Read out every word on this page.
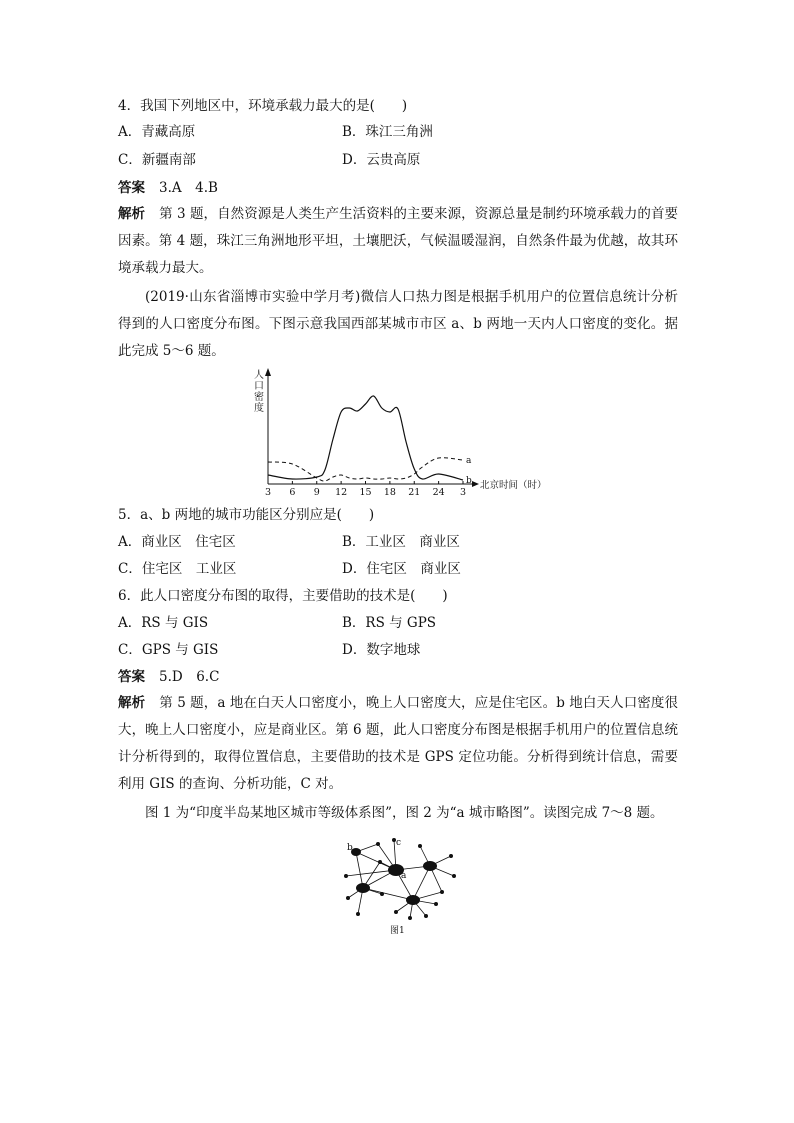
4．我国下列地区中，环境承载力最大的是(　　)
A．青藏高原	B．珠江三角洲
C．新疆南部	D．云贵高原
答案 3.A　4.B
解析 第 3 题，自然资源是人类生产生活资料的主要来源，资源总量是制约环境承载力的首要因素。第 4 题，珠江三角洲地形平坦，土壤肥沃，气候温暖湿润，自然条件最为优越，故其环境承载力最大。
(2019·山东省淄博市实验中学月考)微信人口热力图是根据手机用户的位置信息统计分析得到的人口密度分布图。下图示意我国西部某城市市区 a、b 两地一天内人口密度的变化。据此完成 5～6 题。
人口密度
北京时间（时）
3 6 9 12 15 18 21 24 3
a
b
5．a、b 两地的城市功能区分别应是(　　)
A．商业区　住宅区	B．工业区　商业区
C．住宅区　工业区	D．住宅区　商业区
6．此人口密度分布图的取得，主要借助的技术是(　　)
A．RS 与 GIS	B．RS 与 GPS
C．GPS 与 GIS	D．数字地球
答案 5.D　6.C
解析 第 5 题，a 地在白天人口密度小，晚上人口密度大，应是住宅区。b 地白天人口密度很大，晚上人口密度小，应是商业区。第 6 题，此人口密度分布图是根据手机用户的位置信息统计分析得到的，取得位置信息，主要借助的技术是 GPS 定位功能。分析得到统计信息，需要利用 GIS 的查询、分析功能，C 对。
图 1 为“印度半岛某地区城市等级体系图”，图 2 为“a 城市略图”。读图完成 7～8 题。
a
b	c
图1
